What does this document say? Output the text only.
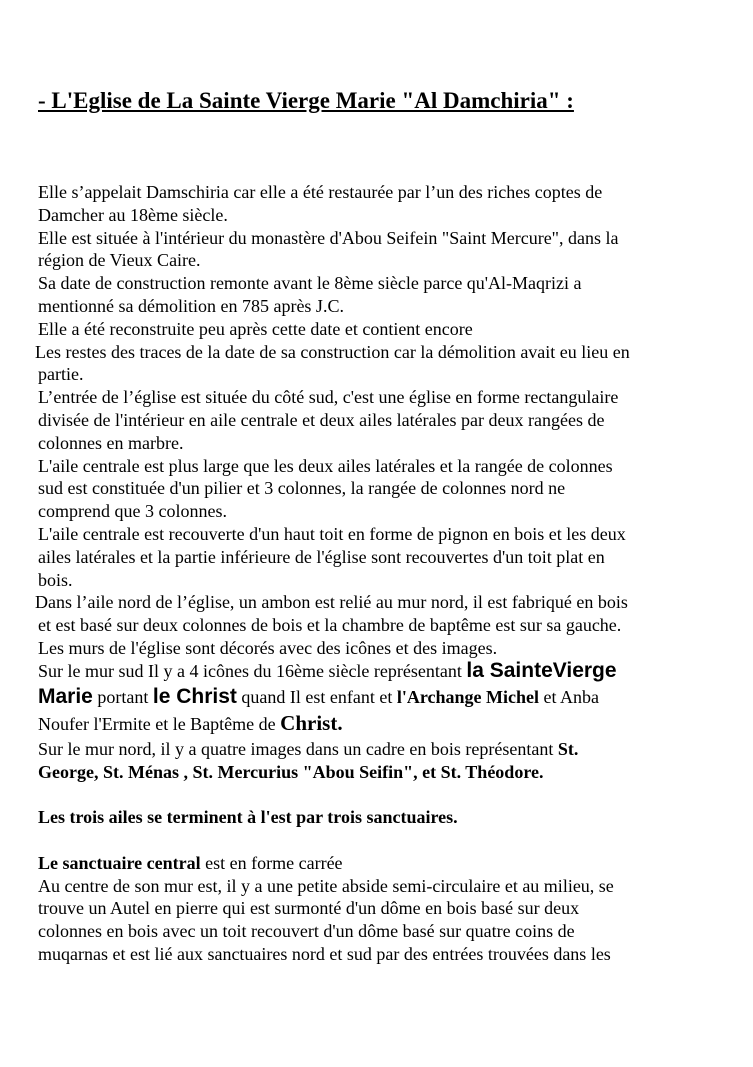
- L'Eglise de La Sainte Vierge Marie "Al Damchiria" :
Elle s’appelait Damschiria car elle a été restaurée par l’un des riches coptes de
Damcher au 18ème siècle.
Elle est située à l'intérieur du monastère d'Abou Seifein "Saint Mercure", dans la
région de Vieux Caire.
Sa date de construction remonte avant le 8ème siècle parce qu'Al-Maqrizi a
mentionné sa démolition en 785 après J.C.
Elle a été reconstruite peu après cette date et contient encore
Les restes des traces de la date de sa construction car la démolition avait eu lieu en
partie.
L’entrée de l’église est située du côté sud, c'est une église en forme rectangulaire
divisée de l'intérieur en aile centrale et deux ailes latérales par deux rangées de
colonnes en marbre.
L'aile centrale est plus large que les deux ailes latérales et la rangée de colonnes
sud est constituée d'un pilier et 3 colonnes, la rangée de colonnes nord ne
comprend que 3 colonnes.
L'aile centrale est recouverte d'un haut toit en forme de pignon en bois et les deux
ailes latérales et la partie inférieure de l'église sont recouvertes d'un toit plat en
bois.
Dans l’aile nord de l’église, un ambon est relié au mur nord, il est fabriqué en bois
et est basé sur deux colonnes de bois et la chambre de baptême est sur sa gauche.
Les murs de l'église sont décorés avec des icônes et des images.
Sur le mur sud Il y a 4 icônes du 16ème siècle représentant la SainteVierge
Marie portant le Christ quand Il est enfant et l'Archange Michel et Anba
Noufer l'Ermite et le Baptême de Christ.
Sur le mur nord, il y a quatre images dans un cadre en bois représentant St.
George, St. Ménas , St. Mercurius "Abou Seifin", et St. Théodore.
Les trois ailes se terminent à l'est par trois sanctuaires.
Le sanctuaire central est en forme carrée
Au centre de son mur est, il y a une petite abside semi-circulaire et au milieu, se
trouve un Autel en pierre qui est surmonté d'un dôme en bois basé sur deux
colonnes en bois avec un toit recouvert d'un dôme basé sur quatre coins de
muqarnas et est lié aux sanctuaires nord et sud par des entrées trouvées dans les
